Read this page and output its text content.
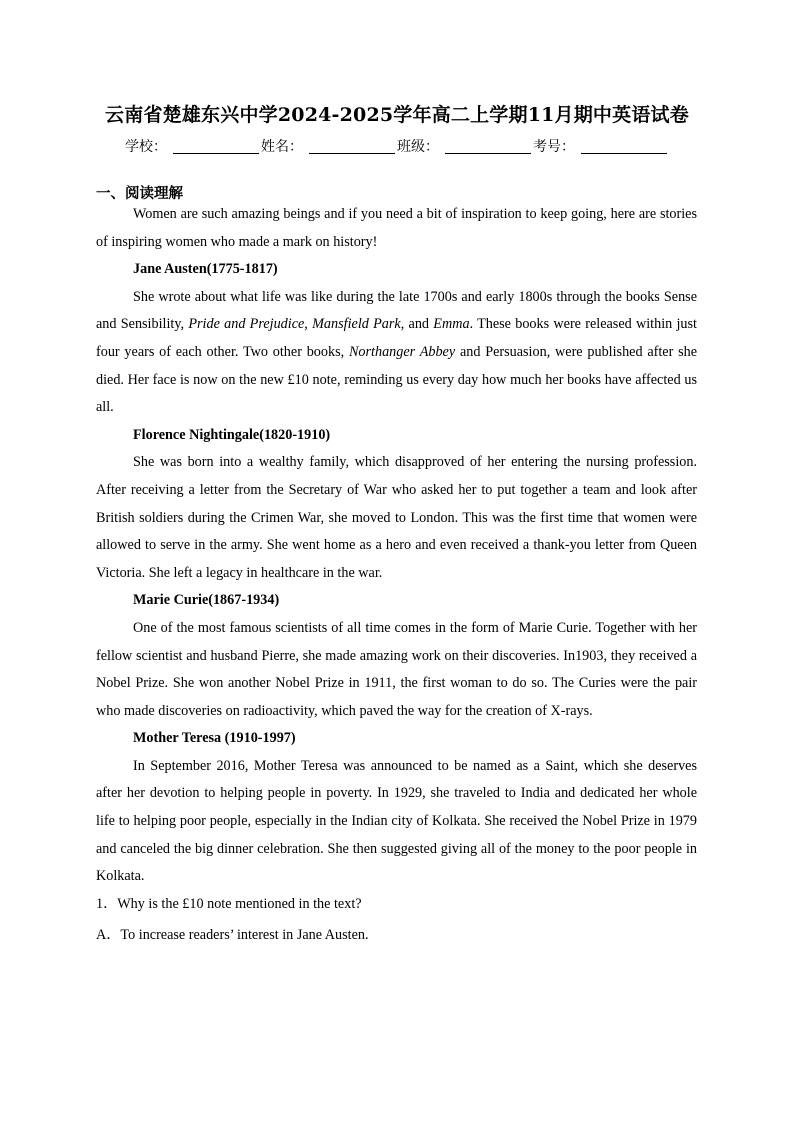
云南省楚雄东兴中学2024-2025学年高二上学期11月期中英语试卷
学校：	姓名：	班级：	考号：
一、阅读理解

Women are such amazing beings and if you need a bit of inspiration to keep going, here are stories of inspiring women who made a mark on history!

Jane Austen(1775-1817)

She wrote about what life was like during the late 1700s and early 1800s through the books Sense and Sensibility, Pride and Prejudice, Mansfield Park, and Emma. These books were released within just four years of each other. Two other books, Northanger Abbey and Persuasion, were published after she died. Her face is now on the new £10 note, reminding us every day how much her books have affected us all.

Florence Nightingale(1820-1910)

She was born into a wealthy family, which disapproved of her entering the nursing profession. After receiving a letter from the Secretary of War who asked her to put together a team and look after British soldiers during the Crimen War, she moved to London. This was the first time that women were allowed to serve in the army. She went home as a hero and even received a thank-you letter from Queen Victoria. She left a legacy in healthcare in the war.

Marie Curie(1867-1934)

One of the most famous scientists of all time comes in the form of Marie Curie. Together with her fellow scientist and husband Pierre, she made amazing work on their discoveries. In1903, they received a Nobel Prize. She won another Nobel Prize in 1911, the first woman to do so. The Curies were the pair who made discoveries on radioactivity, which paved the way for the creation of X-rays.

Mother Teresa (1910-1997)

In September 2016, Mother Teresa was announced to be named as a Saint, which she deserves after her devotion to helping people in poverty. In 1929, she traveled to India and dedicated her whole life to helping poor people, especially in the Indian city of Kolkata. She received the Nobel Prize in 1979 and canceled the big dinner celebration. She then suggested giving all of the money to the poor people in Kolkata.

1．Why is the £10 note mentioned in the text?

A．To increase readers’ interest in Jane Austen.
